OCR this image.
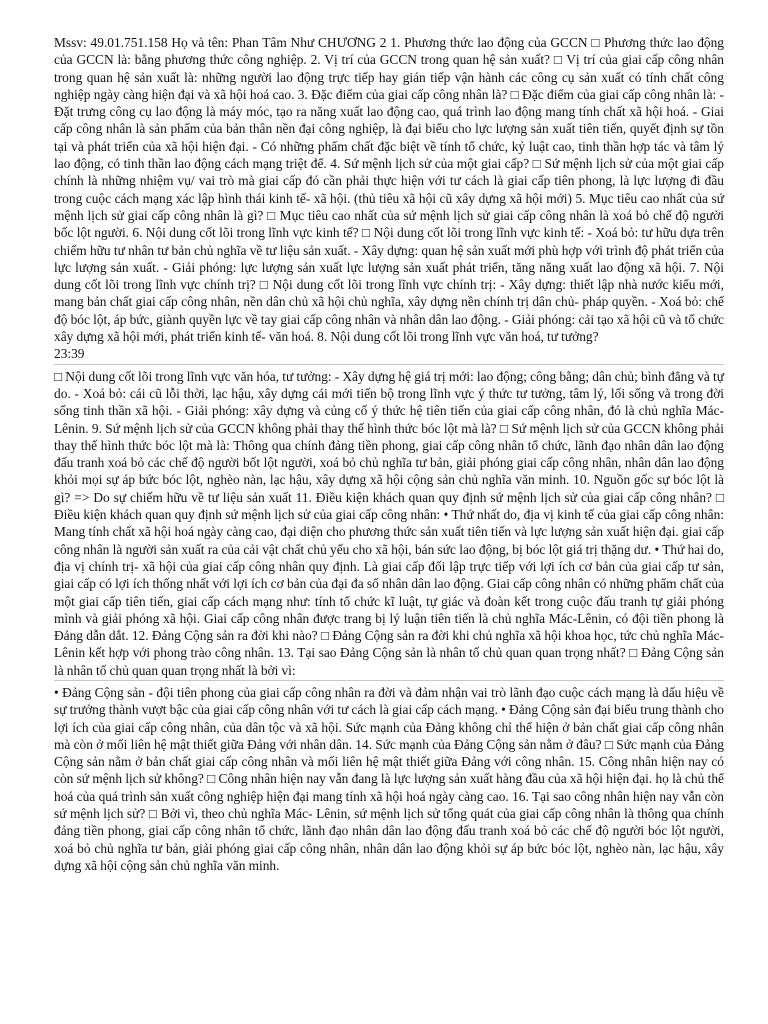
Mssv: 49.01.751.158 Họ và tên: Phan Tâm Như CHƯƠNG 2 1. Phương thức lao động của GCCN □ Phương thức lao động của GCCN là: bằng phương thức công nghiệp. 2. Vị trí của GCCN trong quan hệ sản xuất? □ Vị trí của giai cấp công nhân trong quan hệ sản xuất là: những người lao động trực tiếp hay gián tiếp vận hành các công cụ sản xuất có tính chất công nghiệp ngày càng hiện đại và xã hội hoá cao. 3. Đặc điểm của giai cấp công nhân là? □ Đặc điểm của giai cấp công nhân là: - Đặt trưng công cụ lao động là máy móc, tạo ra năng xuất lao động cao, quá trình lao động mang tính chất xã hội hoá. - Giai cấp công nhân là sản phẩm của bản thân nền đại công nghiệp, là đại biểu cho lực lượng sản xuất tiên tiến, quyết định sự tồn tại và phát triển của xã hội hiện đại. - Có những phẩm chất đặc biệt về tính tổ chức, kỷ luật cao, tinh thần hợp tác và tâm lý lao động, có tinh thần lao động cách mạng triệt để. 4. Sứ mệnh lịch sử của một giai cấp? □ Sứ mệnh lịch sử của một giai cấp chính là những nhiệm vụ/ vai trò mà giai cấp đó cần phải thực hiện với tư cách là giai cấp tiên phong, là lực lượng đi đầu trong cuộc cách mạng xác lập hình thái kinh tế- xã hội. (thủ tiêu xã hội cũ xây dựng xã hội mới) 5. Mục tiêu cao nhất của sứ mệnh lịch sử giai cấp công nhân là gì? □ Mục tiêu cao nhất của sứ mệnh lịch sử giai cấp công nhân là xoá bỏ chế độ người bốc lột người. 6. Nội dung cốt lõi trong lĩnh vực kinh tế? □ Nội dung cốt lõi trong lĩnh vực kinh tế: - Xoá bỏ: tư hữu dựa trên chiếm hữu tư nhân tư bản chủ nghĩa về tư liệu sản xuất. - Xây dựng: quan hệ sản xuất mới phù hợp với trình độ phát triển của lực lượng sản xuất. - Giải phóng: lực lượng sản xuất lực lượng sản xuất phát triển, tăng năng xuất lao động xã hội. 7. Nội dung cốt lõi trong lĩnh vực chính trị? □ Nội dung cốt lõi trong lĩnh vực chính trị: - Xây dựng: thiết lập nhà nước kiểu mới, mang bản chất giai cấp công nhân, nền dân chủ xã hội chủ nghĩa, xây dựng nền chính trị dân chủ- pháp quyền. - Xoá bỏ: chế độ bóc lột, áp bức, giành quyền lực về tay giai cấp công nhân và nhân dân lao động. - Giải phóng: cải tạo xã hội cũ và tổ chức xây dựng xã hội mới, phát triển kinh tế- văn hoá. 8. Nội dung cốt lõi trong lĩnh vực văn hoá, tư tưởng?

23:39

□ Nội dung cốt lõi trong lĩnh vực văn hóa, tư tưởng: - Xây dựng hệ giá trị mới: lao động; công bằng; dân chủ; bình đẳng và tự do. - Xoá bỏ: cái cũ lỗi thời, lạc hậu, xây dựng cái mới tiến bộ trong lĩnh vực ý thức tư tưởng, tâm lý, lối sống và trong đời sống tinh thần xã hội. - Giải phóng: xây dựng và củng cố ý thức hệ tiên tiến của giai cấp công nhân, đó là chủ nghĩa Mác- Lênin. 9. Sứ mệnh lịch sử của GCCN không phải thay thế hình thức bóc lột mà là? □ Sứ mệnh lịch sử của GCCN không phải thay thế hình thức bóc lột mà là: Thông qua chính đảng tiền phong, giai cấp công nhân tổ chức, lãnh đạo nhân dân lao động đấu tranh xoá bỏ các chế độ người bốt lột người, xoá bỏ chủ nghĩa tư bản, giải phóng giai cấp công nhân, nhân dân lao động khỏi mọi sự áp bức bóc lột, nghèo nàn, lạc hậu, xây dựng xã hội cộng sản chủ nghĩa văn minh. 10. Nguồn gốc sự bóc lột là gì? => Do sự chiếm hữu về tư liệu sản xuất 11. Điều kiện khách quan quy định sứ mệnh lịch sử của giai cấp công nhân? □ Điều kiện khách quan quy định sứ mệnh lịch sử của giai cấp công nhân: • Thứ nhất do, địa vị kinh tế của giai cấp công nhân: Mang tính chất xã hội hoá ngày càng cao, đại diện cho phương thức sản xuất tiên tiến và lực lượng sản xuất hiện đại. giai cấp công nhân là người sản xuất ra của cải vật chất chủ yếu cho xã hội, bán sức lao động, bị bóc lột giá trị thặng dư. • Thứ hai do, địa vị chính trị- xã hội của giai cấp công nhân quy định. Là giai cấp đối lập trực tiếp với lợi ích cơ bản của giai cấp tư sản, giai cấp có lợi ích thống nhất với lợi ích cơ bản của đại đa số nhân dân lao động. Giai cấp công nhân có những phẩm chất của một giai cấp tiên tiến, giai cấp cách mạng như: tính tổ chức kĩ luật, tự giác và đoàn kết trong cuộc đấu tranh tự giải phóng mình và giải phóng xã hội. Giai cấp công nhân được trang bị lý luận tiên tiến là chủ nghĩa Mác-Lênin, có đội tiền phong là Đảng dẫn dắt. 12. Đảng Cộng sản ra đời khi nào? □ Đảng Cộng sản ra đời khi chủ nghĩa xã hội khoa học, tức chủ nghĩa Mác- Lênin kết hợp với phong trào công nhân. 13. Tại sao Đảng Cộng sản là nhân tố chủ quan quan trọng nhất? □ Đảng Cộng sản là nhân tố chủ quan quan trọng nhất là bởi vì:

• Đảng Cộng sản - đội tiên phong của giai cấp công nhân ra đời và đảm nhận vai trò lãnh đạo cuộc cách mạng là dấu hiệu về sự trưởng thành vượt bậc của giai cấp công nhân với tư cách là giai cấp cách mạng. • Đảng Cộng sản đại biểu trung thành cho lợi ích của giai cấp công nhân, của dân tộc và xã hội. Sức mạnh của Đảng không chỉ thể hiện ở bản chất giai cấp công nhân mà còn ở mối liên hệ mật thiết giữa Đảng với nhân dân. 14. Sức mạnh của Đảng Cộng sản nằm ở đâu? □ Sức mạnh của Đảng Cộng sản nằm ở bản chất giai cấp công nhân và mối liên hệ mật thiết giữa Đảng với công nhân. 15. Công nhân hiện nay có còn sứ mệnh lịch sử không? □ Công nhân hiện nay vẫn đang là lực lượng sản xuất hàng đầu của xã hội hiện đại. họ là chủ thể hoá của quá trình sản xuất công nghiệp hiện đại mang tính xã hội hoá ngày càng cao. 16. Tại sao công nhân hiện nay vẫn còn sứ mệnh lịch sử? □ Bởi vì, theo chủ nghĩa Mác- Lênin, sứ mệnh lịch sử tổng quát của giai cấp công nhân là thông qua chính đảng tiền phong, giai cấp công nhân tổ chức, lãnh đạo nhân dân lao động đấu tranh xoá bỏ các chế độ người bóc lột người, xoá bỏ chủ nghĩa tư bản, giải phóng giai cấp công nhân, nhân dân lao động khỏi sự áp bức bóc lột, nghèo nàn, lạc hậu, xây dựng xã hội cộng sản chủ nghĩa văn minh.
